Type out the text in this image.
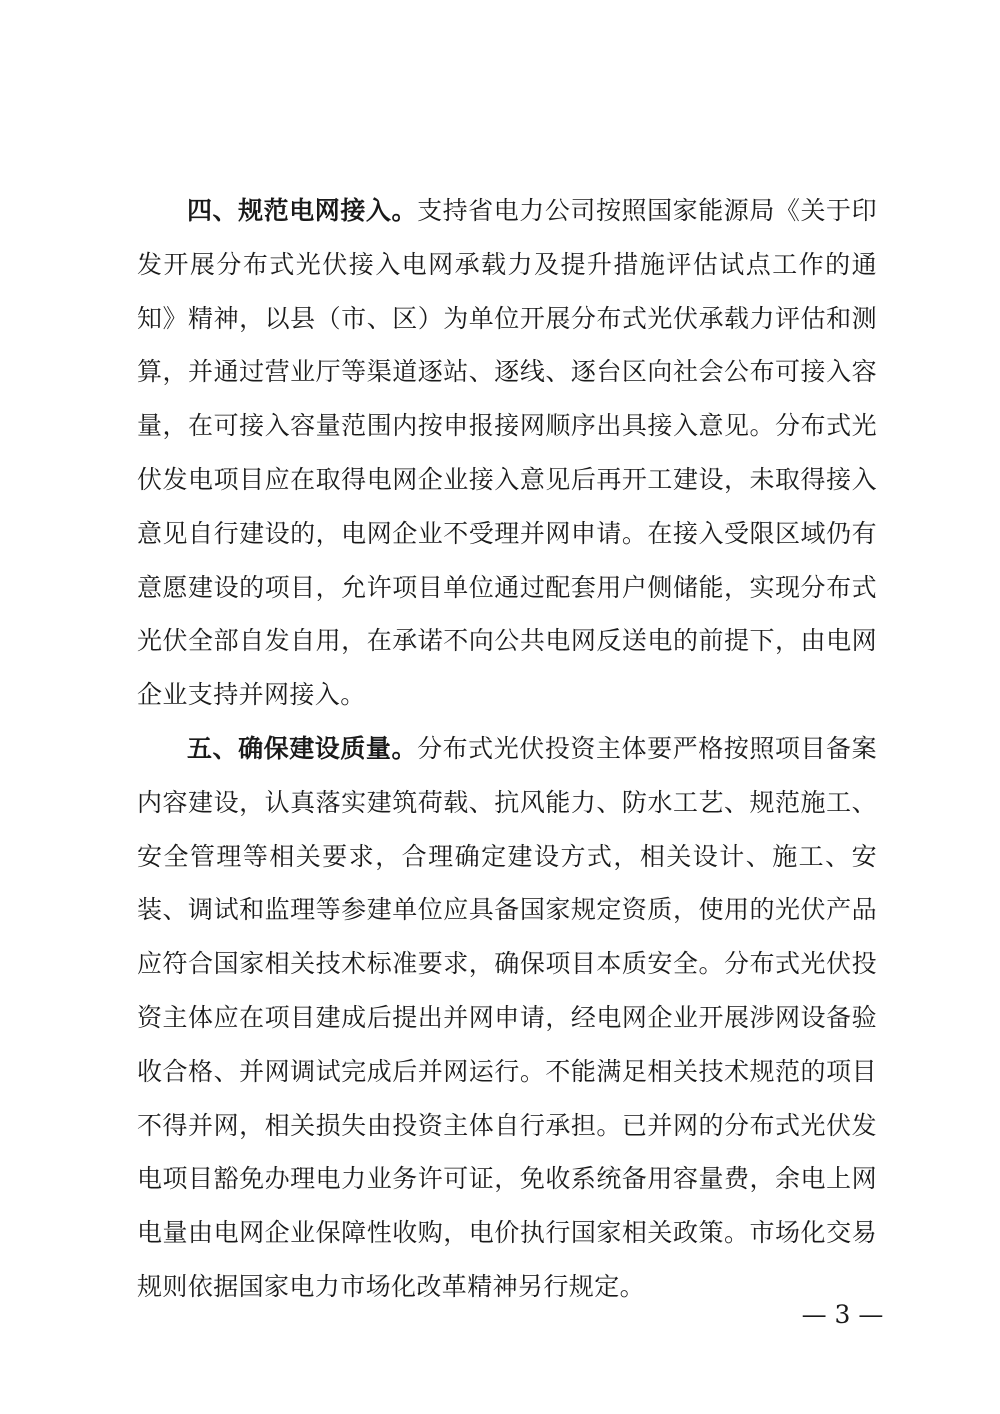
四、规范电网接入。支持省电力公司按照国家能源局《关于印发开展分布式光伏接入电网承载力及提升措施评估试点工作的通知》精神，以县（市、区）为单位开展分布式光伏承载力评估和测算，并通过营业厅等渠道逐站、逐线、逐台区向社会公布可接入容量，在可接入容量范围内按申报接网顺序出具接入意见。分布式光伏发电项目应在取得电网企业接入意见后再开工建设，未取得接入意见自行建设的，电网企业不受理并网申请。在接入受限区域仍有意愿建设的项目，允许项目单位通过配套用户侧储能，实现分布式光伏全部自发自用，在承诺不向公共电网反送电的前提下，由电网企业支持并网接入。

五、确保建设质量。分布式光伏投资主体要严格按照项目备案内容建设，认真落实建筑荷载、抗风能力、防水工艺、规范施工、安全管理等相关要求，合理确定建设方式，相关设计、施工、安装、调试和监理等参建单位应具备国家规定资质，使用的光伏产品应符合国家相关技术标准要求，确保项目本质安全。分布式光伏投资主体应在项目建成后提出并网申请，经电网企业开展涉网设备验收合格、并网调试完成后并网运行。不能满足相关技术规范的项目不得并网，相关损失由投资主体自行承担。已并网的分布式光伏发电项目豁免办理电力业务许可证，免收系统备用容量费，余电上网电量由电网企业保障性收购，电价执行国家相关政策。市场化交易规则依据国家电力市场化改革精神另行规定。

— 3 —
